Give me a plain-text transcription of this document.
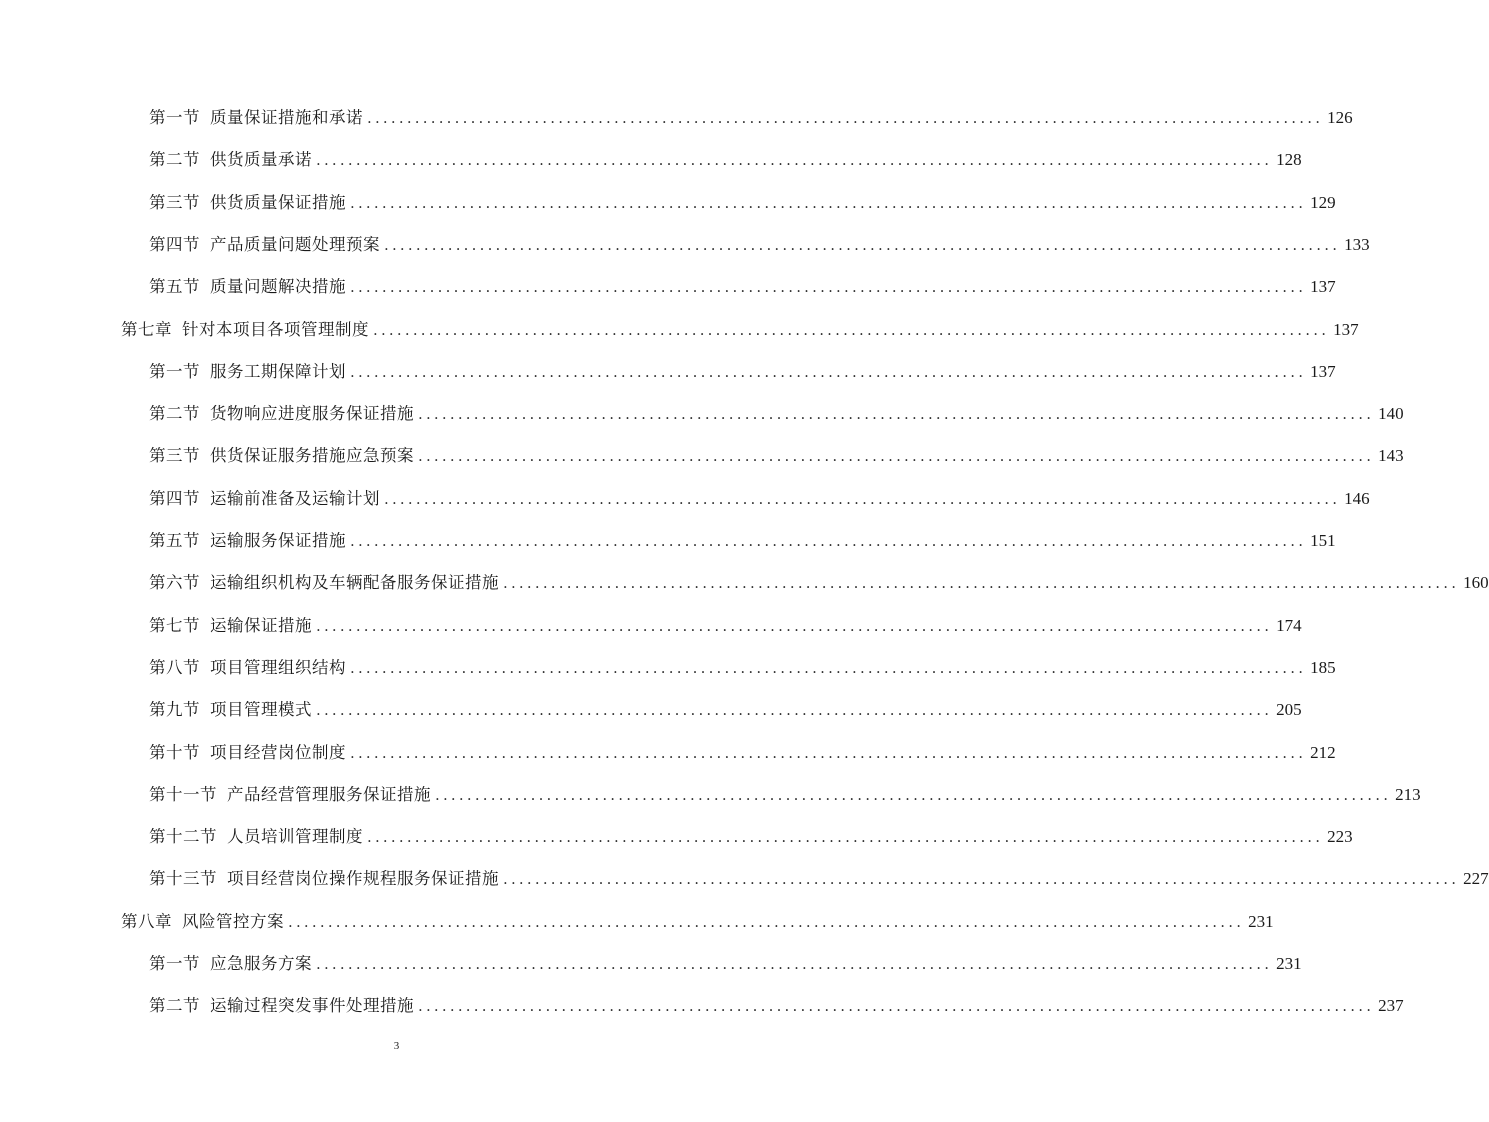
第一节 质量保证措施和承诺 ........................................................................................................................ 126
第二节 供货质量承诺 ........................................................................................................................ 128
第三节 供货质量保证措施 ........................................................................................................................ 129
第四节 产品质量问题处理预案 ........................................................................................................................ 133
第五节 质量问题解决措施 ........................................................................................................................ 137
第七章 针对本项目各项管理制度 ........................................................................................................................ 137
第一节 服务工期保障计划 ........................................................................................................................ 137
第二节 货物响应进度服务保证措施 ........................................................................................................................ 140
第三节 供货保证服务措施应急预案 ........................................................................................................................ 143
第四节 运输前准备及运输计划 ........................................................................................................................ 146
第五节 运输服务保证措施 ........................................................................................................................ 151
第六节 运输组织机构及车辆配备服务保证措施 ........................................................................................................................ 160
第七节 运输保证措施 ........................................................................................................................ 174
第八节 项目管理组织结构 ........................................................................................................................ 185
第九节 项目管理模式 ........................................................................................................................ 205
第十节 项目经营岗位制度 ........................................................................................................................ 212
第十一节 产品经营管理服务保证措施 ........................................................................................................................ 213
第十二节 人员培训管理制度 ........................................................................................................................ 223
第十三节 项目经营岗位操作规程服务保证措施 ........................................................................................................................ 227
第八章 风险管控方案 ........................................................................................................................ 231
第一节 应急服务方案 ........................................................................................................................ 231
第二节 运输过程突发事件处理措施 ........................................................................................................................ 237
3
